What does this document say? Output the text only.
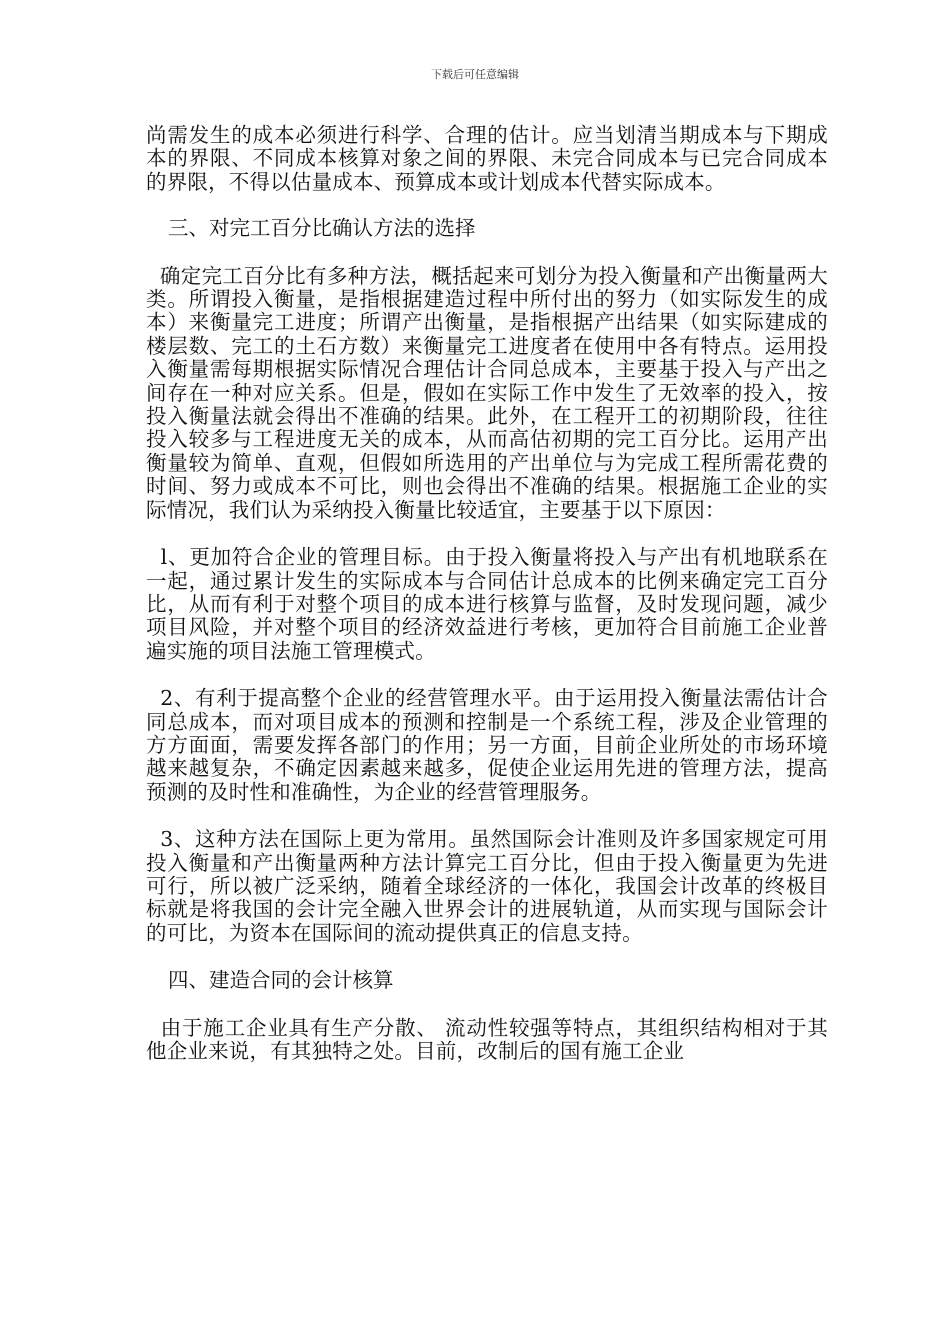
下载后可任意编辑

尚需发生的成本必须进行科学、合理的估计。应当划清当期成本与下期成本的界限、不同成本核算对象之间的界限、未完合同成本与已完合同成本的界限，不得以估量成本、预算成本或计划成本代替实际成本。

三、对完工百分比确认方法的选择

确定完工百分比有多种方法，概括起来可划分为投入衡量和产出衡量两大类。所谓投入衡量，是指根据建造过程中所付出的努力（如实际发生的成本）来衡量完工进度；所谓产出衡量，是指根据产出结果（如实际建成的楼层数、完工的土石方数）来衡量完工进度者在使用中各有特点。运用投入衡量需每期根据实际情况合理估计合同总成本，主要基于投入与产出之间存在一种对应关系。但是，假如在实际工作中发生了无效率的投入，按投入衡量法就会得出不准确的结果。此外，在工程开工的初期阶段，往往投入较多与工程进度无关的成本，从而高估初期的完工百分比。运用产出衡量较为简单、直观，但假如所选用的产出单位与为完成工程所需花费的时间、努力或成本不可比，则也会得出不准确的结果。根据施工企业的实际情况，我们认为采纳投入衡量比较适宜，主要基于以下原因：

l、更加符合企业的管理目标。由于投入衡量将投入与产出有机地联系在一起，通过累计发生的实际成本与合同估计总成本的比例来确定完工百分比，从而有利于对整个项目的成本进行核算与监督，及时发现问题，减少项目风险，并对整个项目的经济效益进行考核，更加符合目前施工企业普遍实施的项目法施工管理模式。

2、有利于提高整个企业的经营管理水平。由于运用投入衡量法需估计合同总成本，而对项目成本的预测和控制是一个系统工程，涉及企业管理的方方面面，需要发挥各部门的作用；另一方面，目前企业所处的市场环境越来越复杂，不确定因素越来越多，促使企业运用先进的管理方法，提高预测的及时性和准确性，为企业的经营管理服务。

3、这种方法在国际上更为常用。虽然国际会计准则及许多国家规定可用投入衡量和产出衡量两种方法计算完工百分比，但由于投入衡量更为先进可行，所以被广泛采纳，随着全球经济的一体化，我国会计改革的终极目标就是将我国的会计完全融入世界会计的进展轨道，从而实现与国际会计的可比，为资本在国际间的流动提供真正的信息支持。

四、建造合同的会计核算

由于施工企业具有生产分散、 流动性较强等特点，其组织结构相对于其他企业来说，有其独特之处。目前，改制后的国有施工企业
